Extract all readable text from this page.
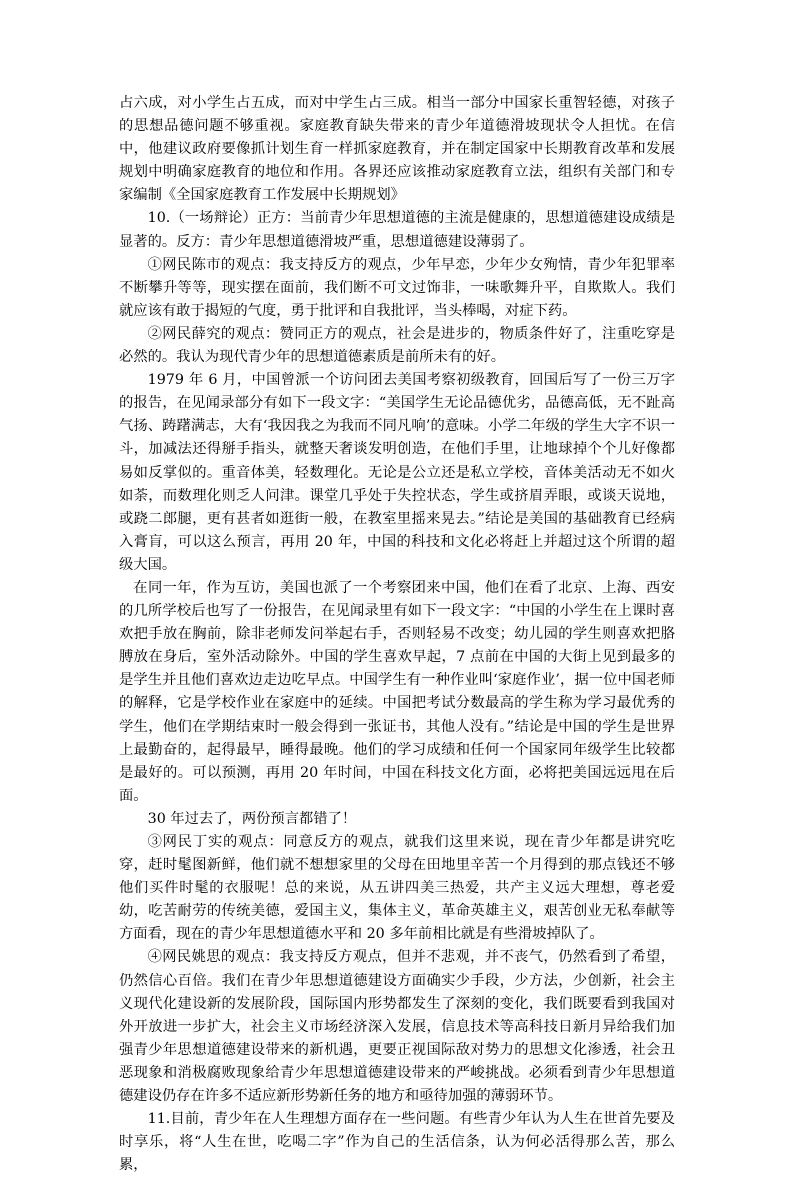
占六成，对小学生占五成，而对中学生占三成。相当一部分中国家长重智轻德，对孩子的思想品德问题不够重视。家庭教育缺失带来的青少年道德滑坡现状令人担忧。在信中，他建议政府要像抓计划生育一样抓家庭教育，并在制定国家中长期教育改革和发展规划中明确家庭教育的地位和作用。各界还应该推动家庭教育立法，组织有关部门和专家编制《全国家庭教育工作发展中长期规划》

10.（一场辩论）正方：当前青少年思想道德的主流是健康的，思想道德建设成绩是显著的。反方：青少年思想道德滑坡严重，思想道德建设薄弱了。

①网民陈市的观点：我支持反方的观点，少年早恋，少年少女殉情，青少年犯罪率不断攀升等等，现实摆在面前，我们断不可文过饰非，一味歌舞升平，自欺欺人。我们就应该有敢于揭短的气度，勇于批评和自我批评，当头棒喝，对症下药。

②网民薛究的观点：赞同正方的观点，社会是进步的，物质条件好了，注重吃穿是必然的。我认为现代青少年的思想道德素质是前所未有的好。

1979 年 6 月，中国曾派一个访问团去美国考察初级教育，回国后写了一份三万字的报告，在见闻录部分有如下一段文字：“美国学生无论品德优劣，品德高低，无不趾高气扬、踌躇满志，大有‘我因我之为我而不同凡响’的意味。小学二年级的学生大字不识一斗，加减法还得掰手指头，就整天奢谈发明创造，在他们手里，让地球掉个个儿好像都易如反掌似的。重音体美，轻数理化。无论是公立还是私立学校，音体美活动无不如火如荼，而数理化则乏人问津。课堂几乎处于失控状态，学生或挤眉弄眼，或谈天说地，或跷二郎腿，更有甚者如逛街一般，在教室里摇来晃去。”结论是美国的基础教育已经病入膏肓，可以这么预言，再用 20 年，中国的科技和文化必将赶上并超过这个所谓的超级大国。

在同一年，作为互访，美国也派了一个考察团来中国，他们在看了北京、上海、西安的几所学校后也写了一份报告，在见闻录里有如下一段文字：“中国的小学生在上课时喜欢把手放在胸前，除非老师发问举起右手，否则轻易不改变；幼儿园的学生则喜欢把胳膊放在身后，室外活动除外。中国的学生喜欢早起，7 点前在中国的大街上见到最多的是学生并且他们喜欢边走边吃早点。中国学生有一种作业叫‘家庭作业’，据一位中国老师的解释，它是学校作业在家庭中的延续。中国把考试分数最高的学生称为学习最优秀的学生，他们在学期结束时一般会得到一张证书，其他人没有。”结论是中国的学生是世界上最勤奋的，起得最早，睡得最晚。他们的学习成绩和任何一个国家同年级学生比较都是最好的。可以预测，再用 20 年时间，中国在科技文化方面，必将把美国远远甩在后面。

30 年过去了，两份预言都错了！

③网民丁实的观点：同意反方的观点，就我们这里来说，现在青少年都是讲究吃穿，赶时髦图新鲜，他们就不想想家里的父母在田地里辛苦一个月得到的那点钱还不够他们买件时髦的衣服呢！总的来说，从五讲四美三热爱，共产主义远大理想，尊老爱幼，吃苦耐劳的传统美德，爱国主义，集体主义，革命英雄主义，艰苦创业无私奉献等方面看，现在的青少年思想道德水平和 20 多年前相比就是有些滑坡掉队了。

④网民姚思的观点：我支持反方观点，但并不悲观，并不丧气，仍然看到了希望，仍然信心百倍。我们在青少年思想道德建设方面确实少手段，少方法，少创新，社会主义现代化建设新的发展阶段，国际国内形势都发生了深刻的变化，我们既要看到我国对外开放进一步扩大，社会主义市场经济深入发展，信息技术等高科技日新月异给我们加强青少年思想道德建设带来的新机遇，更要正视国际敌对势力的思想文化渗透，社会丑恶现象和消极腐败现象给青少年思想道德建设带来的严峻挑战。必须看到青少年思想道德建设仍存在许多不适应新形势新任务的地方和亟待加强的薄弱环节。

11.目前，青少年在人生理想方面存在一些问题。有些青少年认为人生在世首先要及时享乐，将“人生在世，吃喝二字”作为自己的生活信条，认为何必活得那么苦，那么累，
